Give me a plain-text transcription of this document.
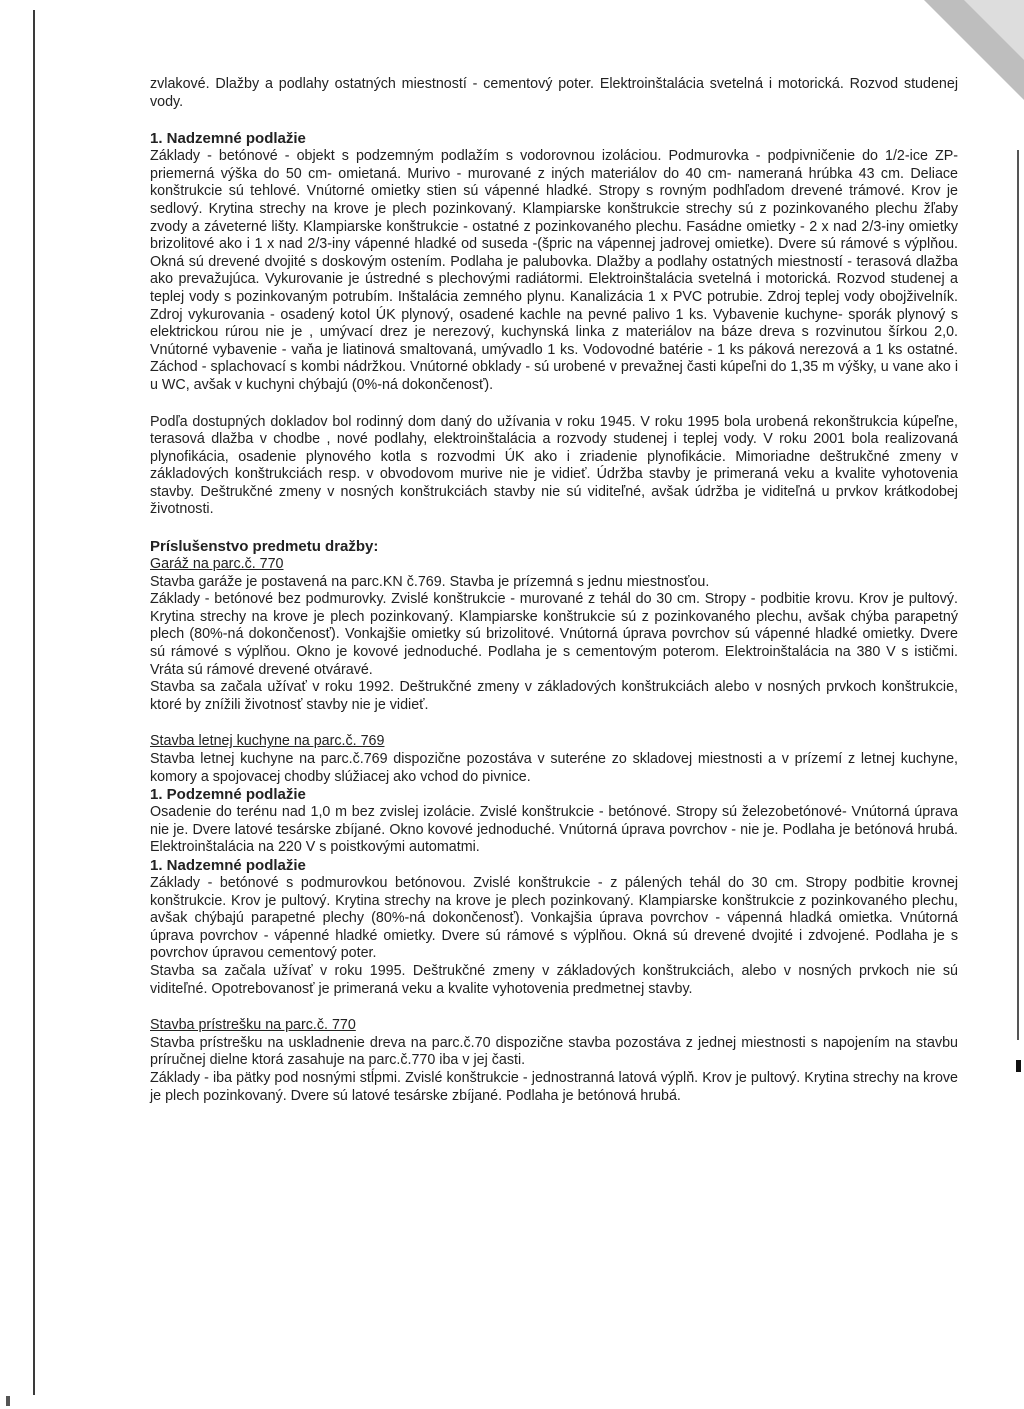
zvlakové. Dlažby a podlahy ostatných miestností - cementový poter. Elektroinštalácia svetelná i motorická. Rozvod studenej vody.

1. Nadzemné podlažie

Základy - betónové - objekt s podzemným podlažím s vodorovnou izoláciou. Podmurovka - podpivničenie do 1/2-ice ZP- priemerná výška do 50 cm- omietaná. Murivo - murované z iných materiálov do 40 cm- nameraná hrúbka 43 cm. Deliace konštrukcie sú tehlové. Vnútorné omietky stien sú vápenné hladké. Stropy s rovným podhľadom drevené trámové. Krov je sedlový. Krytina strechy na krove je plech pozinkovaný. Klampiarske konštrukcie strechy sú z pozinkovaného plechu žľaby zvody a záveterné lišty. Klampiarske konštrukcie - ostatné z pozinkovaného plechu. Fasádne omietky - 2 x nad 2/3-iny omietky brizolitové ako i 1 x nad 2/3-iny vápenné hladké od suseda -(špric na vápennej jadrovej omietke). Dvere sú rámové s výplňou. Okná sú drevené dvojité s doskovým ostením. Podlaha je palubovka. Dlažby a podlahy ostatných miestností - terasová dlažba ako prevažujúca. Vykurovanie je ústredné s plechovými radiátormi. Elektroinštalácia svetelná i motorická. Rozvod studenej a teplej vody s pozinkovaným potrubím. Inštalácia zemného plynu. Kanalizácia 1 x PVC potrubie. Zdroj teplej vody obojživelník. Zdroj vykurovania - osadený kotol ÚK plynový, osadené kachle na pevné palivo 1 ks. Vybavenie kuchyne- sporák plynový s elektrickou rúrou nie je , umývací drez je nerezový, kuchynská linka z materiálov na báze dreva s rozvinutou šírkou 2,0. Vnútorné vybavenie - vaňa je liatinová smaltovaná, umývadlo 1 ks. Vodovodné batérie - 1 ks páková nerezová a 1 ks ostatné. Záchod - splachovací s kombi nádržkou. Vnútorné obklady - sú urobené v prevažnej časti kúpeľni do 1,35 m výšky, u vane ako i u WC, avšak v kuchyni chýbajú (0%-ná dokončenosť).

Podľa dostupných dokladov bol rodinný dom daný do užívania v roku 1945. V roku 1995 bola urobená rekonštrukcia kúpeľne, terasová dlažba v chodbe , nové podlahy, elektroinštalácia a rozvody studenej i teplej vody. V roku 2001 bola realizovaná plynofikácia, osadenie plynového kotla s rozvodmi ÚK ako i zriadenie plynofikácie. Mimoriadne deštrukčné zmeny v základových konštrukciách resp. v obvodovom murive nie je vidieť. Údržba stavby je primeraná veku a kvalite vyhotovenia stavby. Deštrukčné zmeny v nosných konštrukciách stavby nie sú viditeľné, avšak údržba je viditeľná u prvkov krátkodobej životnosti.

Príslušenstvo predmetu dražby:
Garáž na parc.č. 770

Stavba garáže je postavená na parc.KN č.769. Stavba je prízemná s jednu miestnosťou.
Základy - betónové bez podmurovky. Zvislé konštrukcie - murované z tehál do 30 cm. Stropy - podbitie krovu. Krov je pultový. Krytina strechy na krove je plech pozinkovaný. Klampiarske konštrukcie sú z pozinkovaného plechu, avšak chýba parapetný plech (80%-ná dokončenosť). Vonkajšie omietky sú brizolitové. Vnútorná úprava povrchov sú vápenné hladké omietky. Dvere sú rámové s výplňou. Okno je kovové jednoduché. Podlaha je s cementovým poterom. Elektroinštalácia na 380 V s ističmi. Vráta sú rámové drevené otváravé.
Stavba sa začala užívať v roku 1992. Deštrukčné zmeny v základových konštrukciách alebo v nosných prvkoch konštrukcie, ktoré by znížili životnosť stavby nie je vidieť.

Stavba letnej kuchyne na parc.č. 769

Stavba letnej kuchyne na parc.č.769 dispozične pozostáva v suteréne zo skladovej miestnosti a v prízemí z letnej kuchyne, komory a spojovacej chodby slúžiacej ako vchod do pivnice.

1. Podzemné podlažie

Osadenie do terénu nad 1,0 m bez zvislej izolácie. Zvislé konštrukcie - betónové. Stropy sú železobetónové- Vnútorná úprava nie je. Dvere latové tesárske zbíjané. Okno kovové jednoduché. Vnútorná úprava povrchov - nie je. Podlaha je betónová hrubá. Elektroinštalácia na 220 V s poistkovými automatmi.

1. Nadzemné podlažie

Základy - betónové s podmurovkou betónovou. Zvislé konštrukcie - z pálených tehál do 30 cm. Stropy podbitie krovnej konštrukcie. Krov je pultový. Krytina strechy na krove je plech pozinkovaný. Klampiarske konštrukcie z pozinkovaného plechu, avšak chýbajú parapetné plechy (80%-ná dokončenosť). Vonkajšia úprava povrchov - vápenná hladká omietka. Vnútorná úprava povrchov - vápenné hladké omietky. Dvere sú rámové s výplňou. Okná sú drevené dvojité i zdvojené. Podlaha je s povrchov úpravou cementový poter.
Stavba sa začala užívať v roku 1995. Deštrukčné zmeny v základových konštrukciách, alebo v nosných prvkoch nie sú viditeľné. Opotrebovanosť je primeraná veku a kvalite vyhotovenia predmetnej stavby.

Stavba prístrešku na parc.č. 770

Stavba prístrešku na uskladnenie dreva na parc.č.70 dispozične stavba pozostáva z jednej miestnosti s napojením na stavbu príručnej dielne ktorá zasahuje na parc.č.770 iba v jej časti.
Základy - iba pätky pod nosnými stĺpmi. Zvislé konštrukcie - jednostranná latová výplň. Krov je pultový. Krytina strechy na krove je plech pozinkovaný. Dvere sú latové tesárske zbíjané. Podlaha je betónová hrubá.
